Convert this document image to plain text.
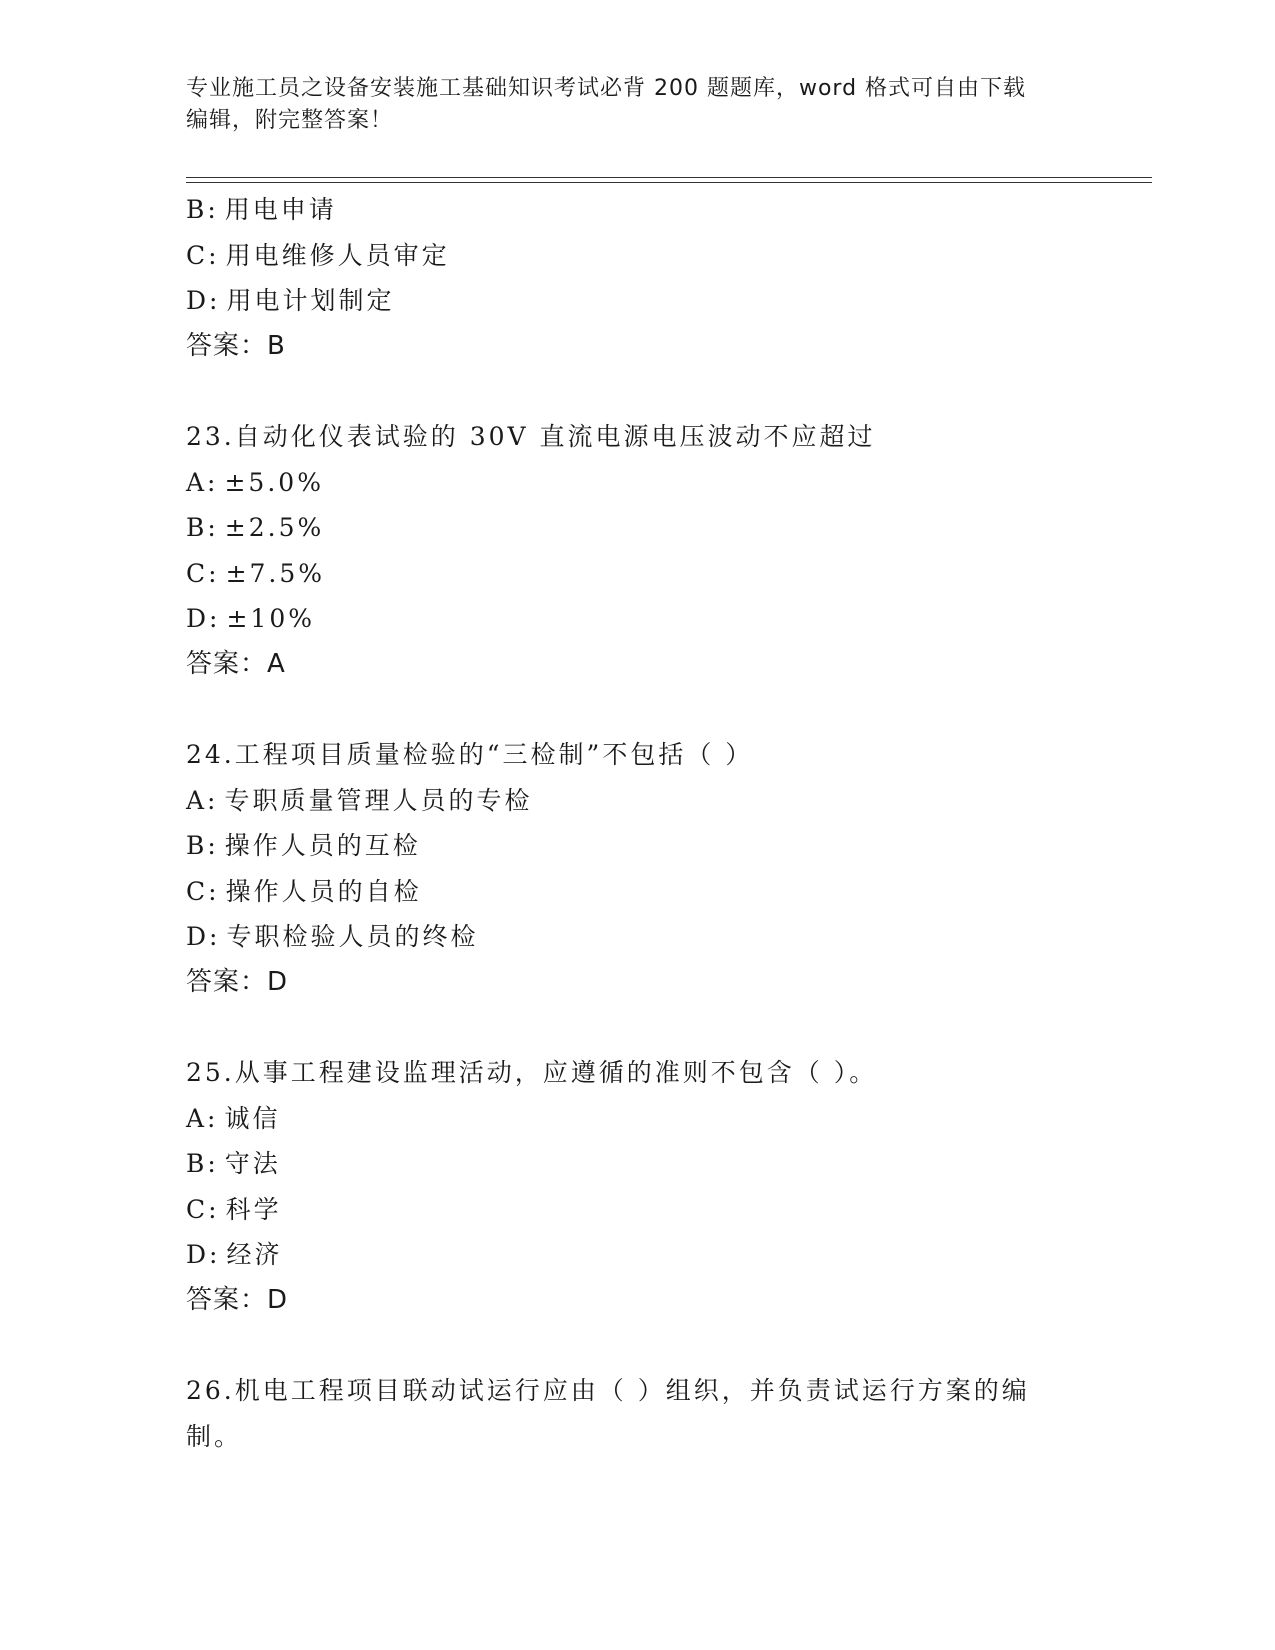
专业施工员之设备安装施工基础知识考试必背 200 题题库，word 格式可自由下载
编辑，附完整答案！
B: 用电申请
C: 用电维修人员审定
D: 用电计划制定
答案：B
23.自动化仪表试验的 30V 直流电源电压波动不应超过
A: ±5.0%
B: ±2.5%
C: ±7.5%
D: ±10%
答案：A
24.工程项目质量检验的“三检制”不包括（ ）
A: 专职质量管理人员的专检
B: 操作人员的互检
C: 操作人员的自检
D: 专职检验人员的终检
答案：D
25.从事工程建设监理活动，应遵循的准则不包含（ ）。
A: 诚信
B: 守法
C: 科学
D: 经济
答案：D
26.机电工程项目联动试运行应由（ ）组织，并负责试运行方案的编
制。
